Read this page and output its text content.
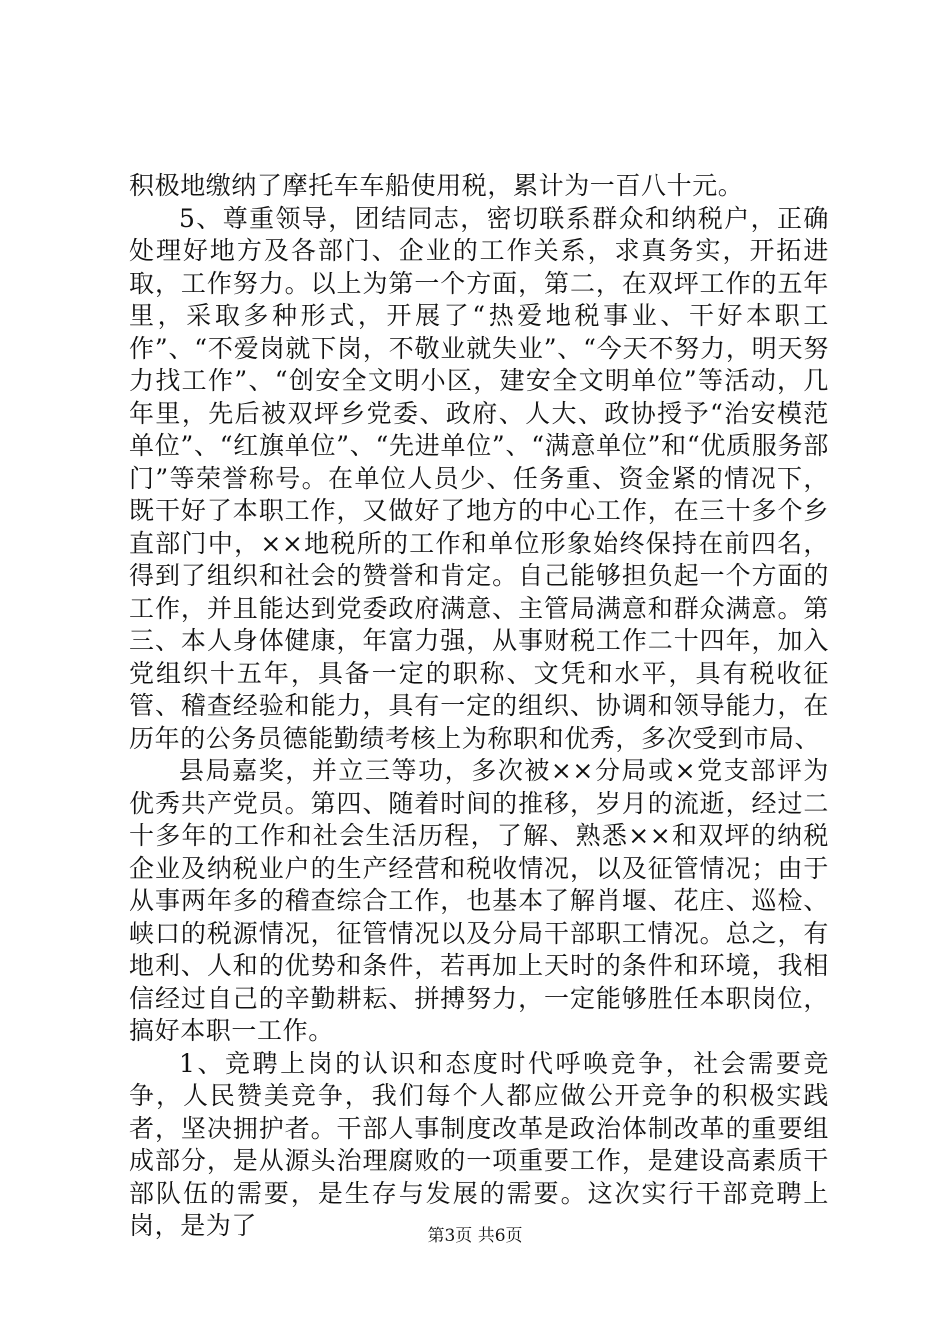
积极地缴纳了摩托车车船使用税，累计为一百八十元。

5、尊重领导，团结同志，密切联系群众和纳税户，正确处理好地方及各部门、企业的工作关系，求真务实，开拓进取，工作努力。以上为第一个方面，第二，在双坪工作的五年里，采取多种形式，开展了“热爱地税事业、干好本职工作”、“不爱岗就下岗，不敬业就失业”、“今天不努力，明天努力找工作”、“创安全文明小区，建安全文明单位”等活动，几年里，先后被双坪乡党委、政府、人大、政协授予“治安模范单位”、“红旗单位”、“先进单位”、“满意单位”和“优质服务部门”等荣誉称号。在单位人员少、任务重、资金紧的情况下，既干好了本职工作，又做好了地方的中心工作，在三十多个乡直部门中，××地税所的工作和单位形象始终保持在前四名，得到了组织和社会的赞誉和肯定。自己能够担负起一个方面的工作，并且能达到党委政府满意、主管局满意和群众满意。第三、本人身体健康，年富力强，从事财税工作二十四年，加入党组织十五年，具备一定的职称、文凭和水平，具有税收征管、稽查经验和能力，具有一定的组织、协调和领导能力，在历年的公务员德能勤绩考核上为称职和优秀，多次受到市局、

县局嘉奖，并立三等功，多次被××分局或×党支部评为优秀共产党员。第四、随着时间的推移，岁月的流逝，经过二十多年的工作和社会生活历程，了解、熟悉××和双坪的纳税企业及纳税业户的生产经营和税收情况，以及征管情况；由于从事两年多的稽查综合工作，也基本了解肖堰、花庄、巡检、峡口的税源情况，征管情况以及分局干部职工情况。总之，有地利、人和的优势和条件，若再加上天时的条件和环境，我相信经过自己的辛勤耕耘、拼搏努力，一定能够胜任本职岗位，搞好本职一工作。

1、竞聘上岗的认识和态度时代呼唤竞争，社会需要竞争，人民赞美竞争，我们每个人都应做公开竞争的积极实践者，坚决拥护者。干部人事制度改革是政治体制改革的重要组成部分，是从源头治理腐败的一项重要工作，是建设高素质干部队伍的需要，是生存与发展的需要。这次实行干部竞聘上岗，是为了	第3页 共6页
